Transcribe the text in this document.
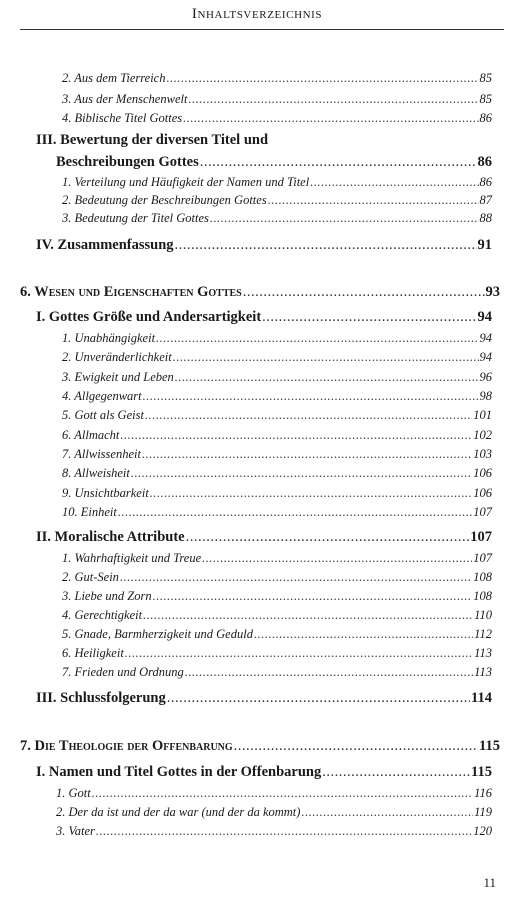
Inhaltsverzeichnis
2. Aus dem Tierreich .....	85
3. Aus der Menschenwelt .....	85
4. Biblische Titel Gottes .....	86
III. Bewertung der diversen Titel und
Beschreibungen Gottes .....	86
1. Verteilung und Häufigkeit der Namen und Titel .....	86
2. Bedeutung der Beschreibungen Gottes .....	87
3. Bedeutung der Titel Gottes .....	88
IV. Zusammenfassung .....	91
6. Wesen und Eigenschaften Gottes .....	93
I. Gottes Größe und Andersartigkeit .....	94
1. Unabhängigkeit .....	94
2. Unveränderlichkeit .....	94
3. Ewigkeit und Leben .....	96
4. Allgegenwart .....	98
5. Gott als Geist .....	101
6. Allmacht .....	102
7. Allwissenheit .....	103
8. Allweisheit .....	106
9. Unsichtbarkeit .....	106
10. Einheit .....	107
II. Moralische Attribute .....	107
1. Wahrhaftigkeit und Treue .....	107
2. Gut-Sein .....	108
3. Liebe und Zorn .....	108
4. Gerechtigkeit .....	110
5. Gnade, Barmherzigkeit und Geduld .....	112
6. Heiligkeit .....	113
7. Frieden und Ordnung .....	113
III. Schlussfolgerung .....	114
7. Die Theologie der Offenbarung .....	115
I. Namen und Titel Gottes in der Offenbarung .....	115
1. Gott .....	116
2. Der da ist und der da war (und der da kommt) .....	119
3. Vater .....	120
11
